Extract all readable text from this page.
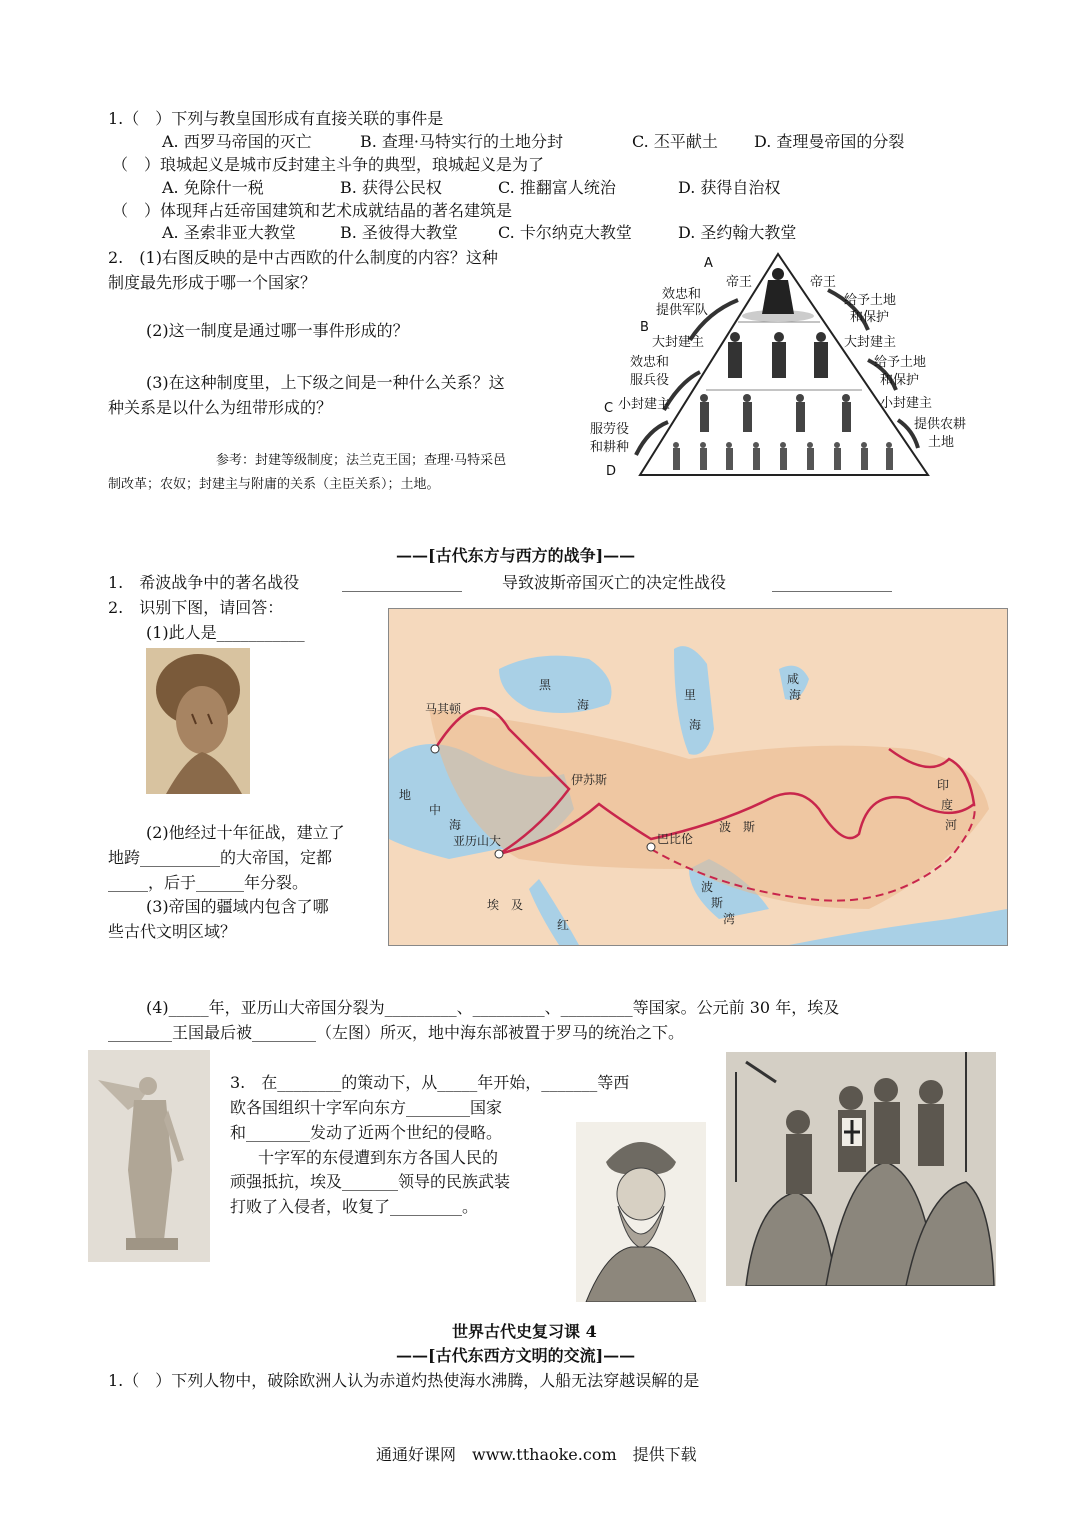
1.（　）下列与教皇国形成有直接关联的事件是
A. 西罗马帝国的灭亡	B. 查理·马特实行的土地分封	C. 丕平献土 D. 查理曼帝国的分裂
（　）琅城起义是城市反封建主斗争的典型，琅城起义是为了
A. 免除什一税	B. 获得公民权	C. 推翻富人统治	D. 获得自治权
（　）体现拜占廷帝国建筑和艺术成就结晶的著名建筑是
A. 圣索非亚大教堂	B. 圣彼得大教堂	C. 卡尔纳克大教堂	D. 圣约翰大教堂
2.　(1)右图反映的是中古西欧的什么制度的内容？这种
制度最先形成于哪一个国家？
(2)这一制度是通过哪一事件形成的？
(3)在这种制度里，上下级之间是一种什么关系？这
种关系是以什么为纽带形成的？
参考：封建等级制度；法兰克王国；查理·马特采邑
制改革；农奴；封建主与附庸的关系（主臣关系）；土地。
A
B
C
D
帝王	帝王
效忠和
提供军队
给予土地
和保护
大封建主	大封建主
效忠和
服兵役
给予土地
和保护
小封建主	小封建主
服劳役
和耕种
提供农耕
土地
——[古代东方与西方的战争]——
1.　希波战争中的著名战役	_______________	导致波斯帝国灭亡的决定性战役	_______________
2.　识别下图，请回答：
(1)此人是___________
(2)他经过十年征战，建立了
地跨__________的大帝国，定都
_____，后于______年分裂。
(3)帝国的疆域内包含了哪
些古代文明区域？
马其顿
黑
海
里
海
咸
海
地
中
海
伊苏斯
亚历山大	巴比伦
波　斯
埃　及
印
度
河
红
波
斯
湾
(4)_____年，亚历山大帝国分裂为_________、_________、_________等国家。公元前 30 年，埃及
________王国最后被________（左图）所灭，地中海东部被置于罗马的统治之下。
3.　在________的策动下，从_____年开始，_______等西
欧各国组织十字军向东方________国家
和________发动了近两个世纪的侵略。
十字军的东侵遭到东方各国人民的
顽强抵抗，埃及_______领导的民族武装
打败了入侵者，收复了_________。
世界古代史复习课 4
——[古代东西方文明的交流]——
1.（　）下列人物中，破除欧洲人认为赤道灼热使海水沸腾，人船无法穿越误解的是
通通好课网　www.tthaoke.com　提供下载
